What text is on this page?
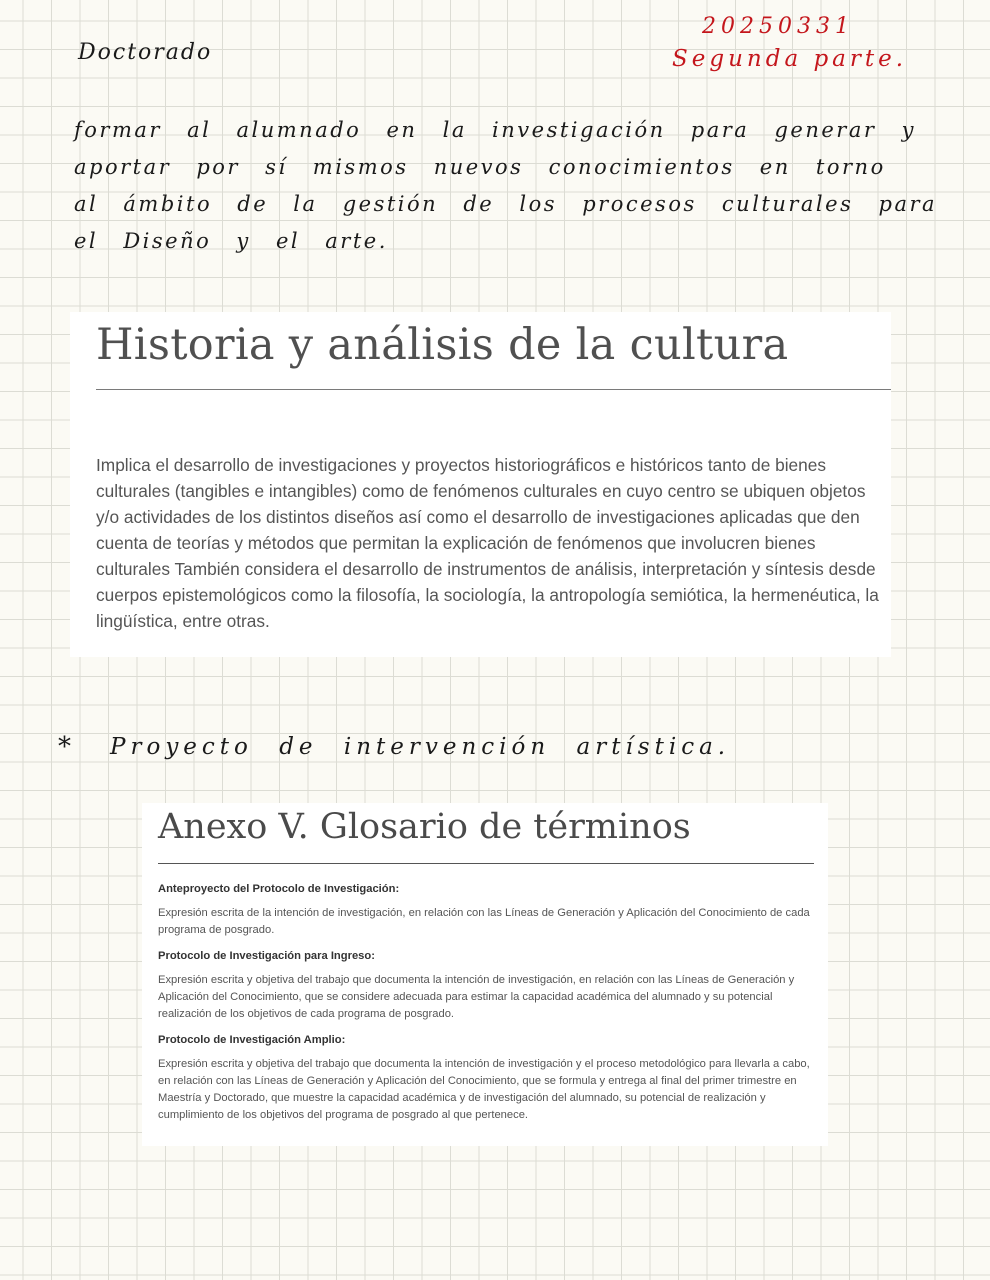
Doctorado

20250331

Segunda parte.

formar al alumnado en la investigación para generar y
aportar por sí mismos nuevos conocimientos en torno
al ámbito de la gestión de los procesos culturales para
el Diseño y el arte.
Historia y análisis de la cultura

Implica el desarrollo de investigaciones y proyectos historiográficos e históricos tanto de bienes culturales (tangibles e intangibles) como de fenómenos culturales en cuyo centro se ubiquen objetos y/o actividades de los distintos diseños así como el desarrollo de investigaciones aplicadas que den cuenta de teorías y métodos que permitan la explicación de fenómenos que involucren bienes culturales También considera el desarrollo de instrumentos de análisis, interpretación y síntesis desde cuerpos epistemológicos como la filosofía, la sociología, la antropología semiótica, la hermenéutica, la lingüística, entre otras.

* Proyecto de intervención artística.

Anexo V. Glosario de términos

Anteproyecto del Protocolo de Investigación:

Expresión escrita de la intención de investigación, en relación con las Líneas de Generación y Aplicación del Conocimiento de cada programa de posgrado.

Protocolo de Investigación para Ingreso:

Expresión escrita y objetiva del trabajo que documenta la intención de investigación, en relación con las Líneas de Generación y Aplicación del Conocimiento, que se considere adecuada para estimar la capacidad académica del alumnado y su potencial realización de los objetivos de cada programa de posgrado.

Protocolo de Investigación Amplio:

Expresión escrita y objetiva del trabajo que documenta la intención de investigación y el proceso metodológico para llevarla a cabo, en relación con las Líneas de Generación y Aplicación del Conocimiento, que se formula y entrega al final del primer trimestre en Maestría y Doctorado, que muestre la capacidad académica y de investigación del alumnado, su potencial de realización y cumplimiento de los objetivos del programa de posgrado al que pertenece.
